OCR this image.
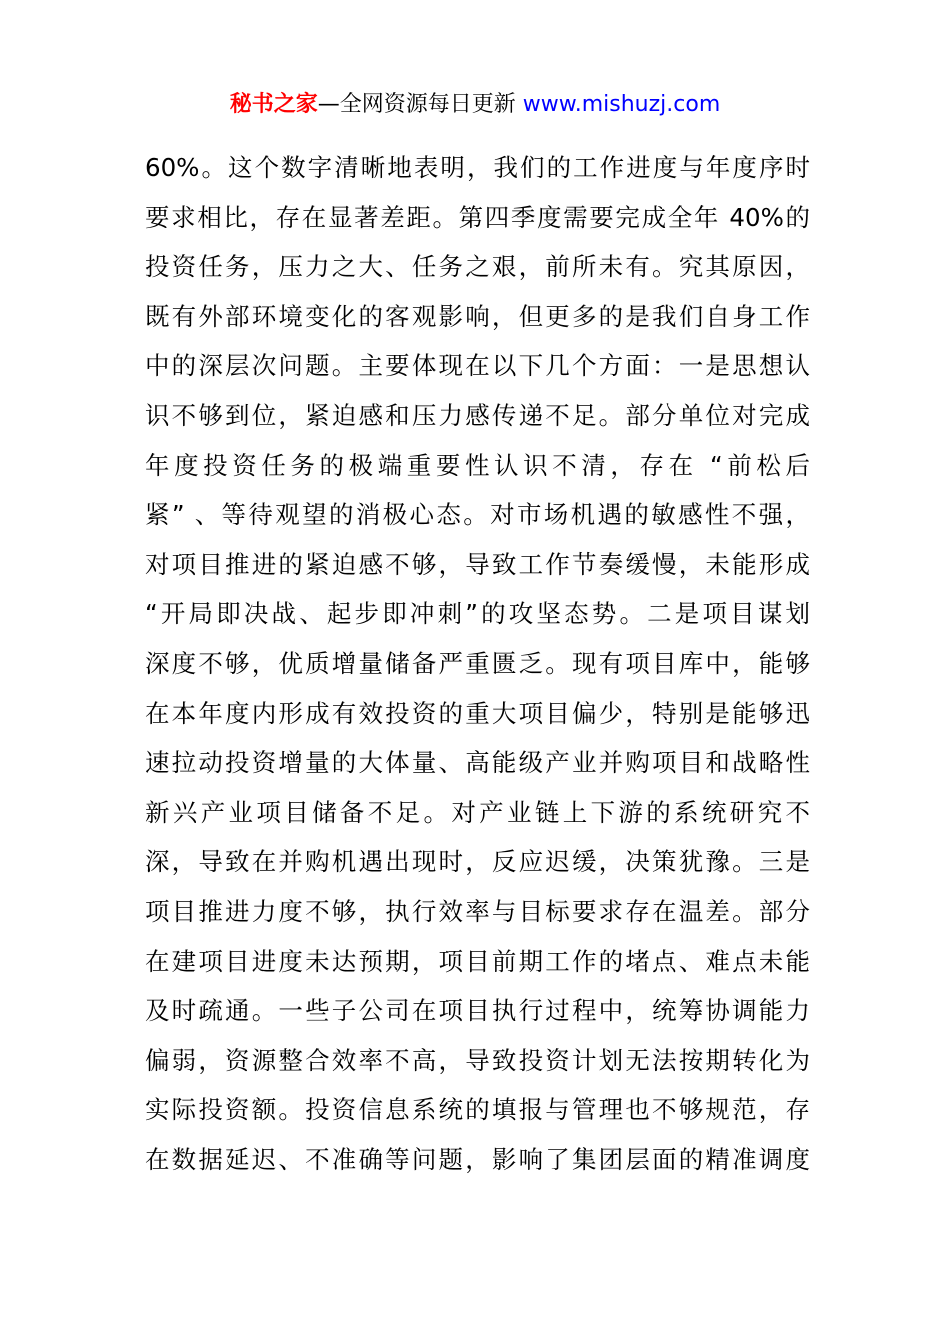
秘书之家—全网资源每日更新 www.mishuzj.com
60%。这个数字清晰地表明，我们的工作进度与年度序时
要求相比，存在显著差距。第四季度需要完成全年 40%的
投资任务，压力之大、任务之艰，前所未有。究其原因，
既有外部环境变化的客观影响，但更多的是我们自身工作
中的深层次问题。主要体现在以下几个方面：一是思想认
识不够到位，紧迫感和压力感传递不足。部分单位对完成
年度投资任务的极端重要性认识不清，存在 “前松后
紧” 、等待观望的消极心态。对市场机遇的敏感性不强，
对项目推进的紧迫感不够，导致工作节奏缓慢，未能形成
“开局即决战、起步即冲刺”的攻坚态势。二是项目谋划
深度不够，优质增量储备严重匮乏。现有项目库中，能够
在本年度内形成有效投资的重大项目偏少，特别是能够迅
速拉动投资增量的大体量、高能级产业并购项目和战略性
新兴产业项目储备不足。对产业链上下游的系统研究不
深，导致在并购机遇出现时，反应迟缓，决策犹豫。三是
项目推进力度不够，执行效率与目标要求存在温差。部分
在建项目进度未达预期，项目前期工作的堵点、难点未能
及时疏通。一些子公司在项目执行过程中，统筹协调能力
偏弱，资源整合效率不高，导致投资计划无法按期转化为
实际投资额。投资信息系统的填报与管理也不够规范，存
在数据延迟、不准确等问题，影响了集团层面的精准调度
